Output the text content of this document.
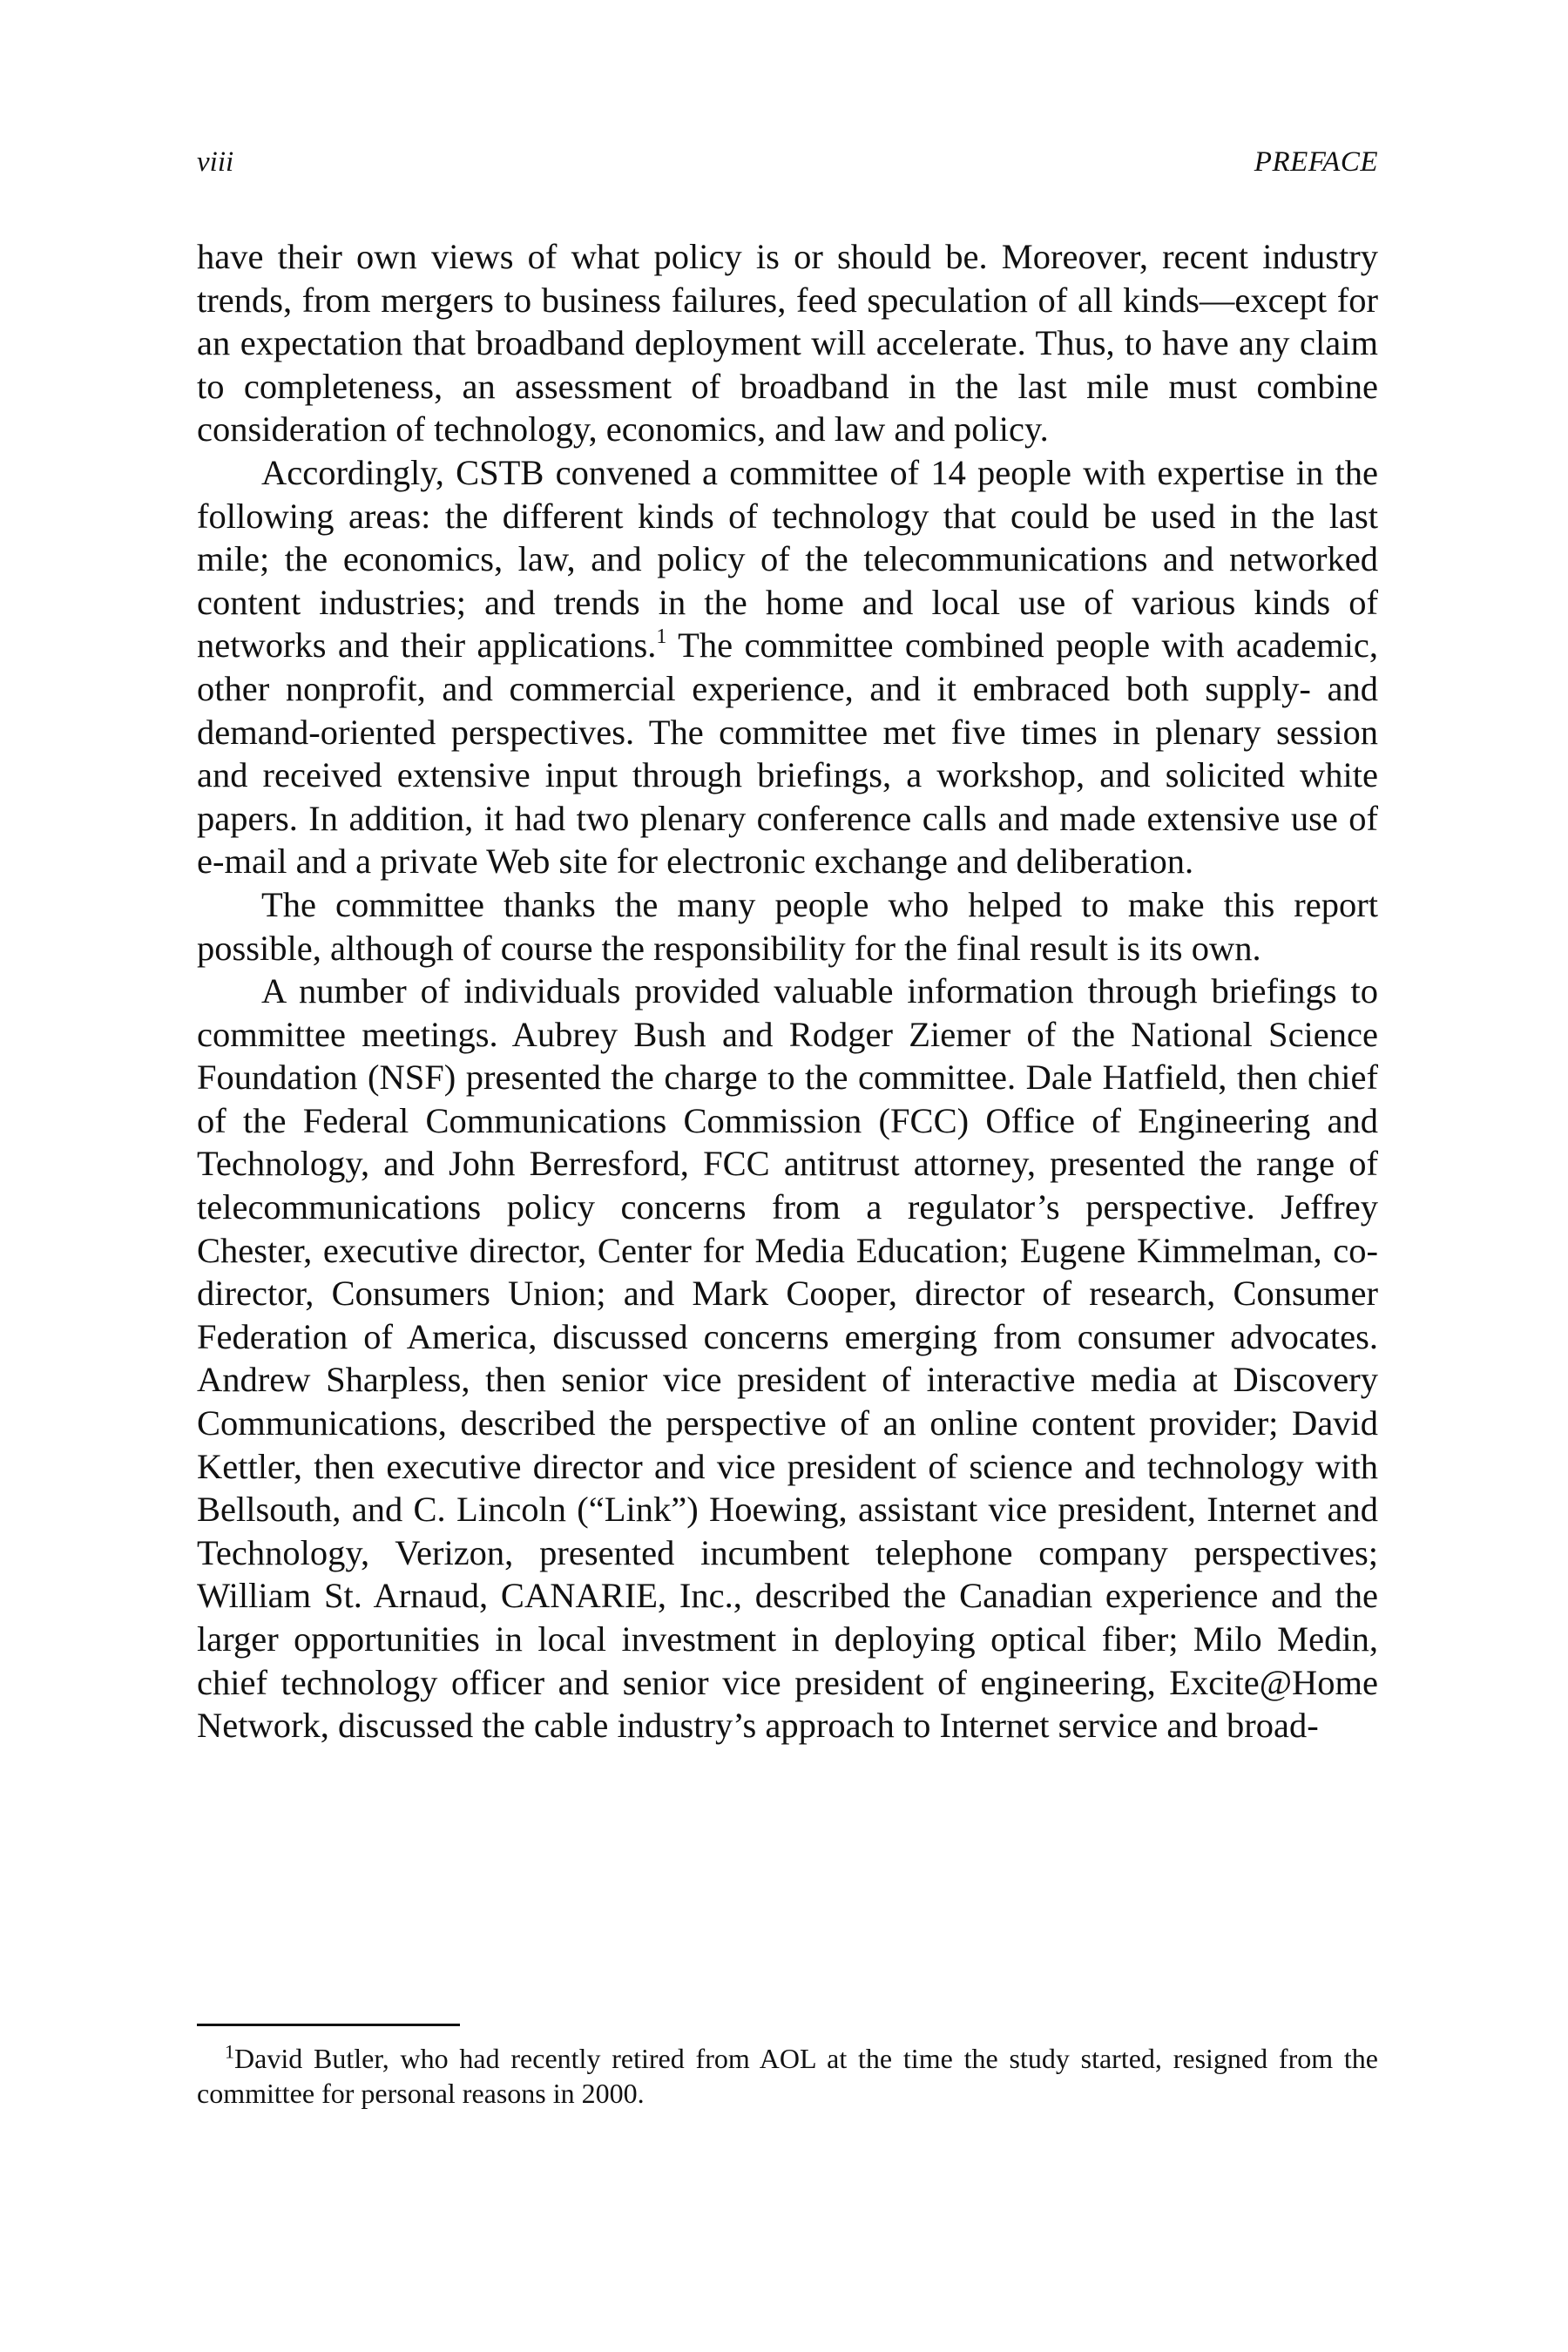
viii	PREFACE

have their own views of what policy is or should be. Moreover, recent industry trends, from mergers to business failures, feed speculation of all kinds—except for an expectation that broadband deployment will accelerate. Thus, to have any claim to completeness, an assessment of broadband in the last mile must combine consideration of technology, economics, and law and policy.

Accordingly, CSTB convened a committee of 14 people with expertise in the following areas: the different kinds of technology that could be used in the last mile; the economics, law, and policy of the telecommunications and networked content industries; and trends in the home and local use of various kinds of networks and their applications.$^1$ The committee combined people with academic, other nonprofit, and commercial experience, and it embraced both supply- and demand-oriented perspectives. The committee met five times in plenary session and received extensive input through briefings, a workshop, and solicited white papers. In addition, it had two plenary conference calls and made extensive use of e-mail and a private Web site for electronic exchange and deliberation.

The committee thanks the many people who helped to make this report possible, although of course the responsibility for the final result is its own.

A number of individuals provided valuable information through briefings to committee meetings. Aubrey Bush and Rodger Ziemer of the National Science Foundation (NSF) presented the charge to the committee. Dale Hatfield, then chief of the Federal Communications Commission (FCC) Office of Engineering and Technology, and John Berresford, FCC antitrust attorney, presented the range of telecommunications policy concerns from a regulator’s perspective. Jeffrey Chester, executive director, Center for Media Education; Eugene Kimmelman, co-director, Consumers Union; and Mark Cooper, director of research, Consumer Federation of America, discussed concerns emerging from consumer advocates. Andrew Sharpless, then senior vice president of interactive media at Discovery Communications, described the perspective of an online content provider; David Kettler, then executive director and vice president of science and technology with Bellsouth, and C. Lincoln (“Link”) Hoewing, assistant vice president, Internet and Technology, Verizon, presented incumbent telephone company perspectives; William St. Arnaud, CANARIE, Inc., described the Canadian experience and the larger opportunities in local investment in deploying optical fiber; Milo Medin, chief technology officer and senior vice president of engineering, Excite@Home Network, discussed the cable industry’s approach to Internet service and broad-

$^1$David Butler, who had recently retired from AOL at the time the study started, resigned from the committee for personal reasons in 2000.
